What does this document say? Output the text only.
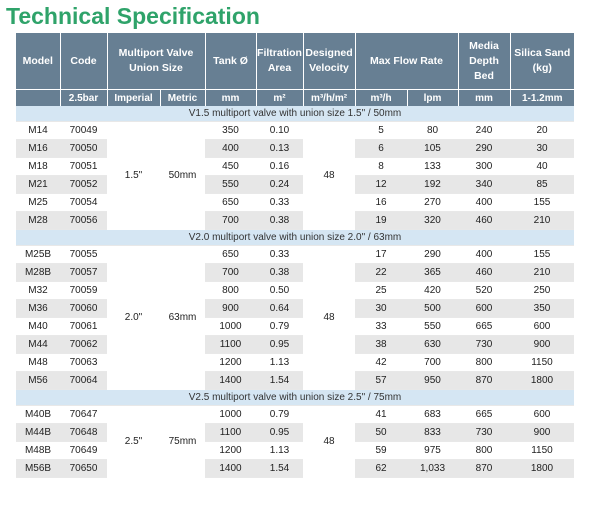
Technical Specification
Model	Code	Multiport Valve Union Size		Tank Ø	Filtration Area	Designed Velocity	Max Flow Rate		Media Depth Bed	Silica Sand (kg)
	2.5bar	Imperial	Metric	mm	m²	m³/h/m²	m³/h	lpm	mm	1-1.2mm
V1.5 multiport valve with union size 1.5" / 50mm										
M14	70049	1.5"	50mm	350	0.10	48	5	80	240	20
M16	70050			400	0.13		6	105	290	30
M18	70051			450	0.16		8	133	300	40
M21	70052			550	0.24		12	192	340	85
M25	70054			650	0.33		16	270	400	155
M28	70056			700	0.38		19	320	460	210
V2.0 multiport valve with union size 2.0" / 63mm										
M25B	70055	2.0"	63mm	650	0.33	48	17	290	400	155
M28B	70057			700	0.38		22	365	460	210
M32	70059			800	0.50		25	420	520	250
M36	70060			900	0.64		30	500	600	350
M40	70061			1000	0.79		33	550	665	600
M44	70062			1100	0.95		38	630	730	900
M48	70063			1200	1.13		42	700	800	1150
M56	70064			1400	1.54		57	950	870	1800
V2.5 multiport valve with union size 2.5" / 75mm										
M40B	70647	2.5"	75mm	1000	0.79	48	41	683	665	600
M44B	70648			1100	0.95		50	833	730	900
M48B	70649			1200	1.13		59	975	800	1150
M56B	70650			1400	1.54		62	1,033	870	1800
